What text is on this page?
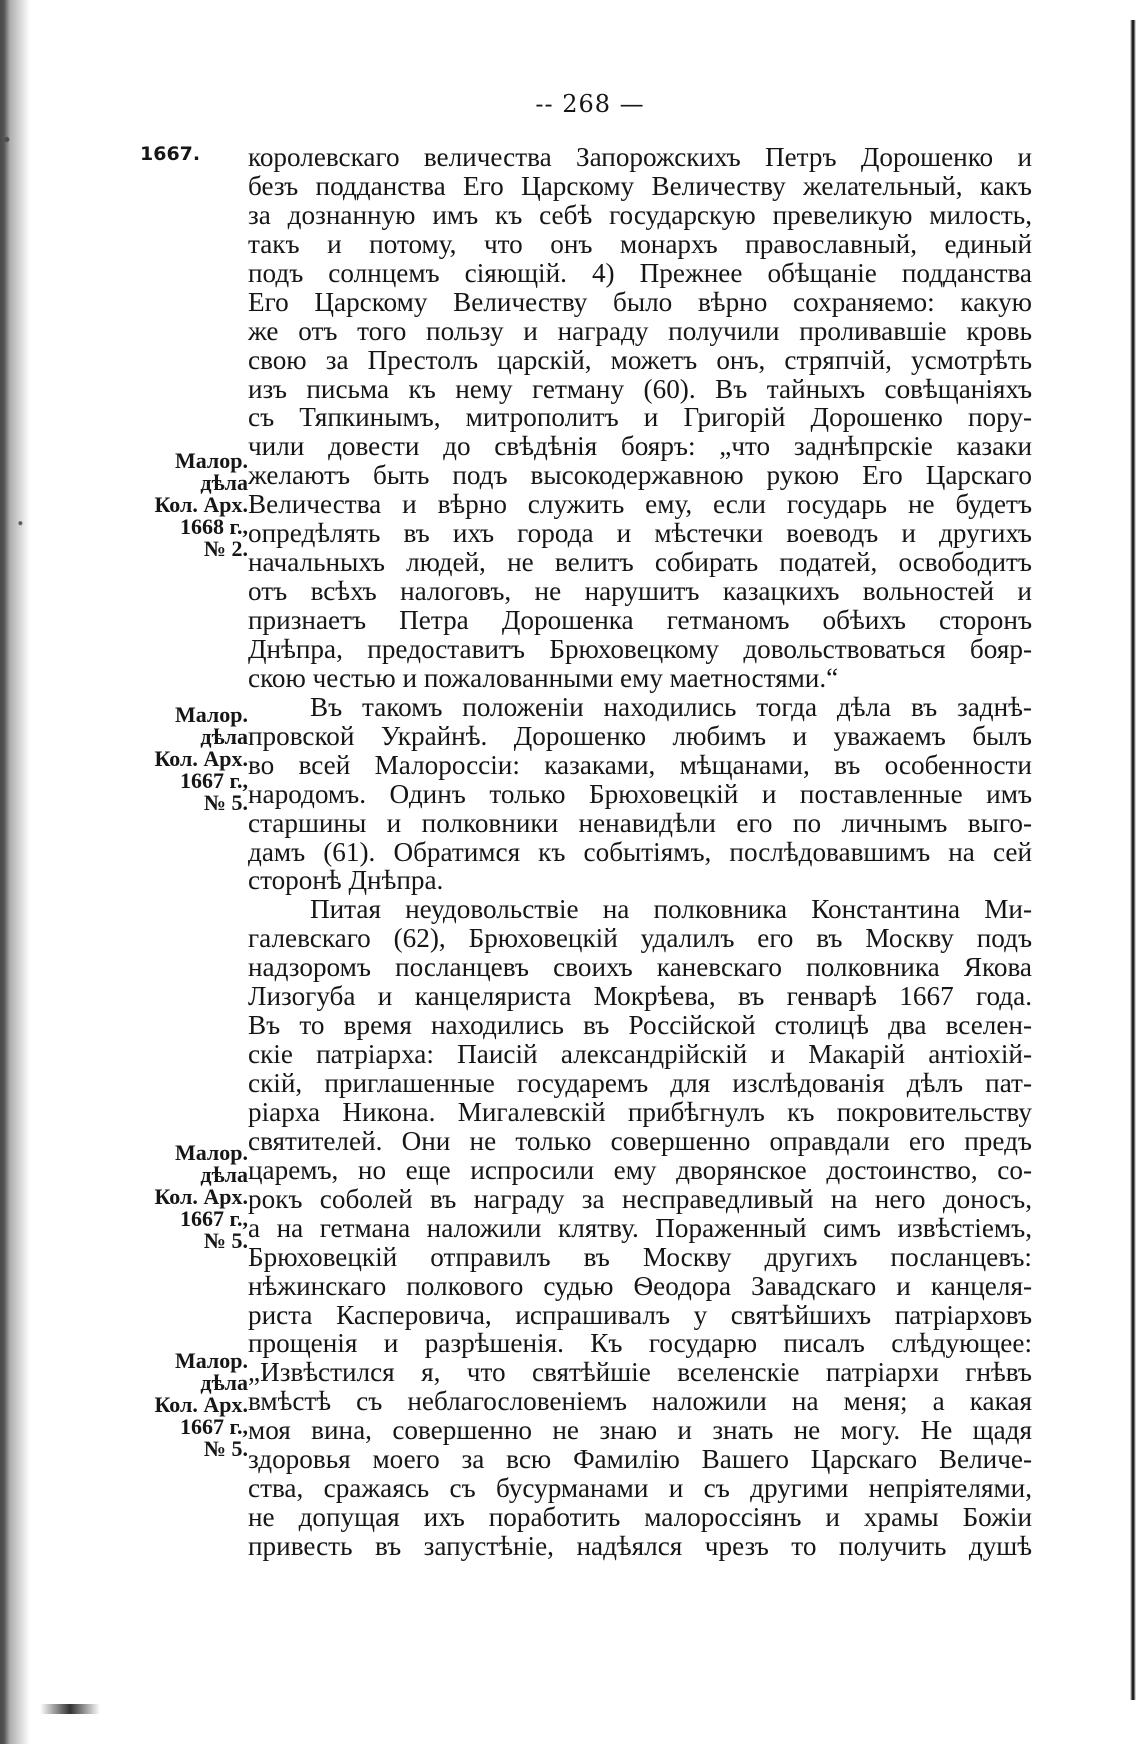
-- 268 —
1667.
Малор.
дѣла
Кол. Арх.
1668 г.,
№ 2.
Малор.
дѣла
Кол. Арх.
1667 г.,
№ 5.
Малор.
дѣла
Кол. Арх.
1667 г.,
№ 5.
Малор.
дѣла
Кол. Арх.
1667 г.,
№ 5.
королевскаго величества Запорожскихъ Петръ Дорошенко и
безъ подданства Его Царскому Величеству желательный, какъ
за дознанную имъ къ себѣ государскую превеликую милость,
такъ и потому, что онъ монархъ православный, единый
подъ солнцемъ сіяющій. 4) Прежнее обѣщаніе подданства
Его Царскому Величеству было вѣрно сохраняемо: какую
же отъ того пользу и награду получили проливавшіе кровь
свою за Престолъ царскій, можетъ онъ, стряпчій, усмотрѣть
изъ письма къ нему гетману (60). Въ тайныхъ совѣщаніяхъ
съ Тяпкинымъ, митрополитъ и Григорій Дорошенко пору-
чили довести до свѣдѣнія бояръ: „что заднѣпрскіе казаки
желаютъ быть подъ высокодержавною рукою Его Царскаго
Величества и вѣрно служить ему, если государь не будетъ
опредѣлять въ ихъ города и мѣстечки воеводъ и другихъ
начальныхъ людей, не велитъ собирать податей, освободитъ
отъ всѣхъ налоговъ, не нарушитъ казацкихъ вольностей и
признаетъ Петра Дорошенка гетманомъ обѣихъ сторонъ
Днѣпра, предоставитъ Брюховецкому довольствоваться бояр-
скою честью и пожалованными ему маетностями.“
Въ такомъ положеніи находились тогда дѣла въ заднѣ-
провской Украйнѣ. Дорошенко любимъ и уважаемъ былъ
во всей Малороссіи: казаками, мѣщанами, въ особенности
народомъ. Одинъ только Брюховецкій и поставленные имъ
старшины и полковники ненавидѣли его по личнымъ выго-
дамъ (61). Обратимся къ событіямъ, послѣдовавшимъ на сей
сторонѣ Днѣпра.
Питая неудовольствіе на полковника Константина Ми-
галевскаго (62), Брюховецкій удалилъ его въ Москву подъ
надзоромъ посланцевъ своихъ каневскаго полковника Якова
Лизогуба и канцеляриста Мокрѣева, въ генварѣ 1667 года.
Въ то время находились въ Россійской столицѣ два вселен-
скіе патріарха: Паисій александрійскій и Макарій антіохій-
скій, приглашенные государемъ для изслѣдованія дѣлъ пат-
ріарха Никона. Мигалевскій прибѣгнулъ къ покровительству
святителей. Они не только совершенно оправдали его предъ
царемъ, но еще испросили ему дворянское достоинство, со-
рокъ соболей въ награду за несправедливый на него доносъ,
а на гетмана наложили клятву. Пораженный симъ извѣстіемъ,
Брюховецкій отправилъ въ Москву другихъ посланцевъ:
нѣжинскаго полкового судью Ѳеодора Завадскаго и канцеля-
риста Касперовича, испрашивалъ у святѣйшихъ патріарховъ
прощенія и разрѣшенія. Къ государю писалъ слѣдующее:
„Извѣстился я, что святѣйшіе вселенскіе патріархи гнѣвъ
вмѣстѣ съ неблагословеніемъ наложили на меня; а какая
моя вина, совершенно не знаю и знать не могу. Не щадя
здоровья моего за всю Фамилію Вашего Царскаго Величе-
ства, сражаясь съ бусурманами и съ другими непріятелями,
не допущая ихъ поработить малороссіянъ и храмы Божіи
привесть въ запустѣніе, надѣялся чрезъ то получить душѣ
